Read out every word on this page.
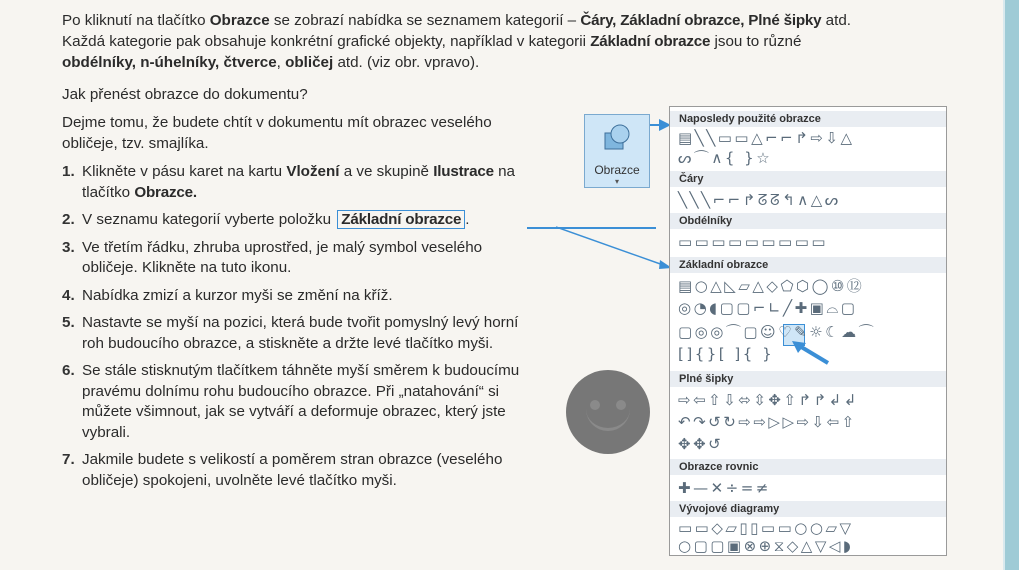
Po kliknutí na tlačítko Obrazce se zobrazí nabídka se seznamem kategorií – Čáry, Základní obrazce, Plné šipky atd.
Každá kategorie pak obsahuje konkrétní grafické objekty, například v kategorii Základní obrazce jsou to různé
obdélníky, n-úhelníky, čtverce, obličej atd. (viz obr. vpravo).
Jak přenést obrazce do dokumentu?

Dejme tomu, že budete chtít v dokumentu mít obrazec veselého obličeje, tzv. smajlíka.

1. Klikněte v pásu karet na kartu Vložení a ve skupině Ilustrace na tlačítko Obrazce.
2. V seznamu kategorií vyberte položku Základní obrazce .
3. Ve třetím řádku, zhruba uprostřed, je malý symbol veselého obličeje. Klikněte na tuto ikonu.
4. Nabídka zmizí a kurzor myši se změní na kříž.
5. Nastavte se myší na pozici, která bude tvořit pomyslný levý horní roh budoucího obrazce, a stiskněte a držte levé tlačítko myši.
6. Se stále stisknutým tlačítkem táhněte myší směrem k budoucímu pravému dolnímu rohu budoucího obrazce. Při „natahování“ si můžete všimnout, jak se vytváří a deformuje obrazec, který jste vybrali.
7. Jakmile budete s velikostí a poměrem stran obrazce (veselého obličeje) spokojeni, uvolněte levé tlačítko myši.
Obrazce
▾
Naposledy použité obrazce
▤╲╲▭▭△⌐⌐↱⇨⇩△
ᔕ⌒∧{ }☆
Čáry
╲╲╲⌐⌐↱ᘔᘔ↰∧△ᔕ
Obdélníky
▭▭▭▭▭▭▭▭▭
Základní obrazce
▤○△◺▱△◇⬠⬡◯⑩⑫
◎◔◖▢▢⌐∟╱✚▣⌓▢
▢◎◎⌒▢☺♡✎☼☾☁⌒
[]{}[ ]{ }
Plné šipky
⇨⇦⇧⇩⬄⇳✥⇧↱↱↲↲
↶↷↺↻⇨⇨▷▷⇨⇩⇦⇧
✥✥↺
Obrazce rovnic
✚—✕÷=≠
Vývojové diagramy
▭▭◇▱▯▯▭▭○○▱▽
○▢▢▣⊗⊕⧖◇△▽◁◗
